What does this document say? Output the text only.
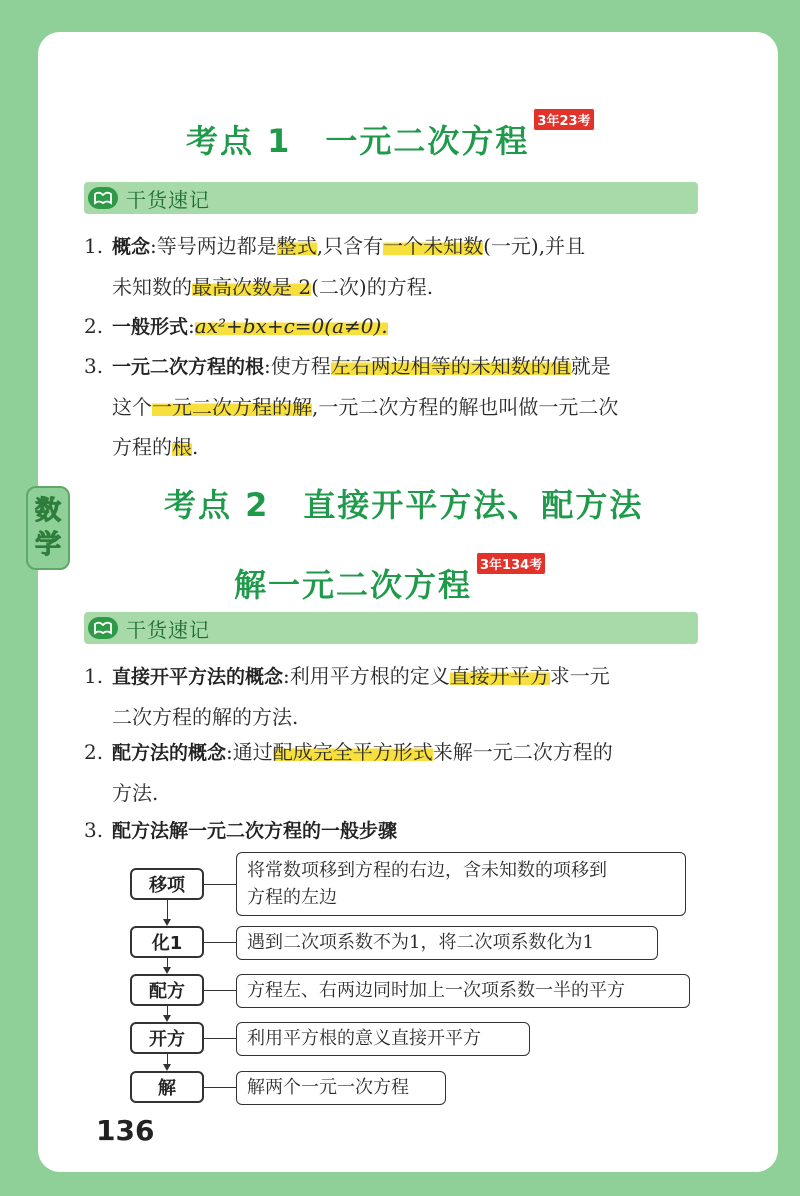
数
学
考点 1　一元二次方程3年23考
干货速记
1. 概念:等号两边都是整式,只含有一个未知数(一元),并且
未知数的最高次数是 2(二次)的方程.
2. 一般形式:ax²+bx+c=0(a≠0).
3. 一元二次方程的根:使方程左右两边相等的未知数的值就是
这个一元二次方程的解,一元二次方程的解也叫做一元二次
方程的根.
考点 2　直接开平方法、配方法
解一元二次方程3年134考
干货速记
1. 直接开平方法的概念:利用平方根的定义直接开平方求一元
二次方程的解的方法.
2. 配方法的概念:通过配成完全平方形式来解一元二次方程的
方法.
3. 配方法解一元二次方程的一般步骤
移项
化1
配方
开方
解
将常数项移到方程的右边，含未知数的项移到
方程的左边
遇到二次项系数不为1，将二次项系数化为1
方程左、右两边同时加上一次项系数一半的平方
利用平方根的意义直接开平方
解两个一元一次方程
136
